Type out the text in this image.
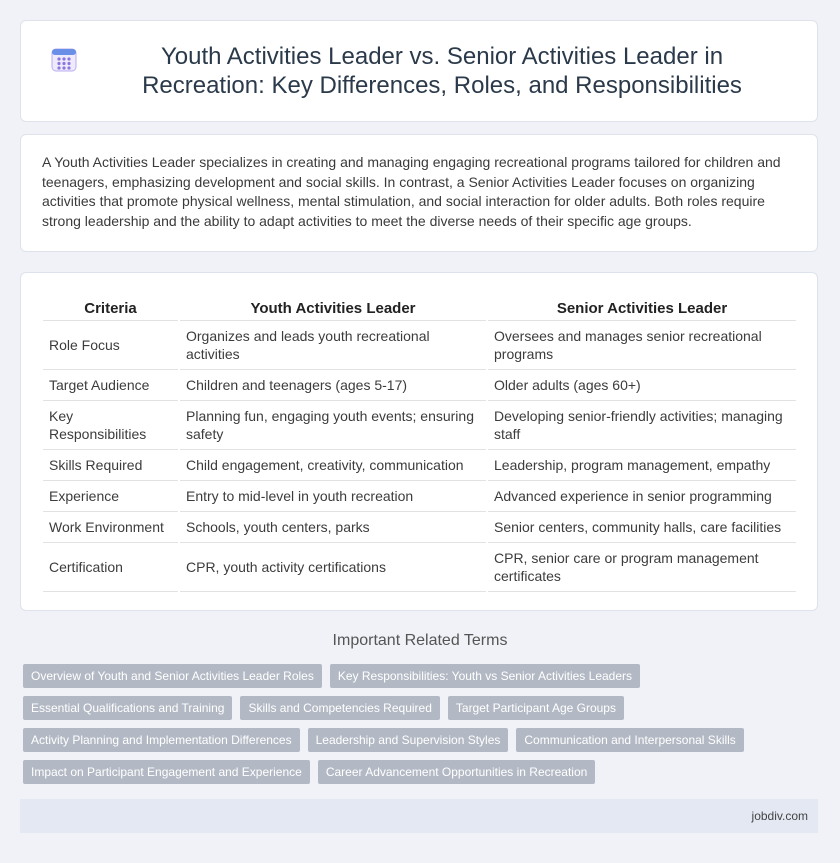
Youth Activities Leader vs. Senior Activities Leader in Recreation: Key Differences, Roles, and Responsibilities

A Youth Activities Leader specializes in creating and managing engaging recreational programs tailored for children and teenagers, emphasizing development and social skills. In contrast, a Senior Activities Leader focuses on organizing activities that promote physical wellness, mental stimulation, and social interaction for older adults. Both roles require strong leadership and the ability to adapt activities to meet the diverse needs of their specific age groups.

Criteria	Youth Activities Leader	Senior Activities Leader
Role Focus	Organizes and leads youth recreational activities	Oversees and manages senior recreational programs
Target Audience	Children and teenagers (ages 5-17)	Older adults (ages 60+)
Key Responsibilities	Planning fun, engaging youth events; ensuring safety	Developing senior-friendly activities; managing staff
Skills Required	Child engagement, creativity, communication	Leadership, program management, empathy
Experience	Entry to mid-level in youth recreation	Advanced experience in senior programming
Work Environment	Schools, youth centers, parks	Senior centers, community halls, care facilities
Certification	CPR, youth activity certifications	CPR, senior care or program management certificates
Important Related Terms
Overview of Youth and Senior Activities Leader Roles	Key Responsibilities: Youth vs Senior Activities Leaders
Essential Qualifications and Training	Skills and Competencies Required	Target Participant Age Groups
Activity Planning and Implementation Differences	Leadership and Supervision Styles	Communication and Interpersonal Skills
Impact on Participant Engagement and Experience	Career Advancement Opportunities in Recreation
jobdiv.com
